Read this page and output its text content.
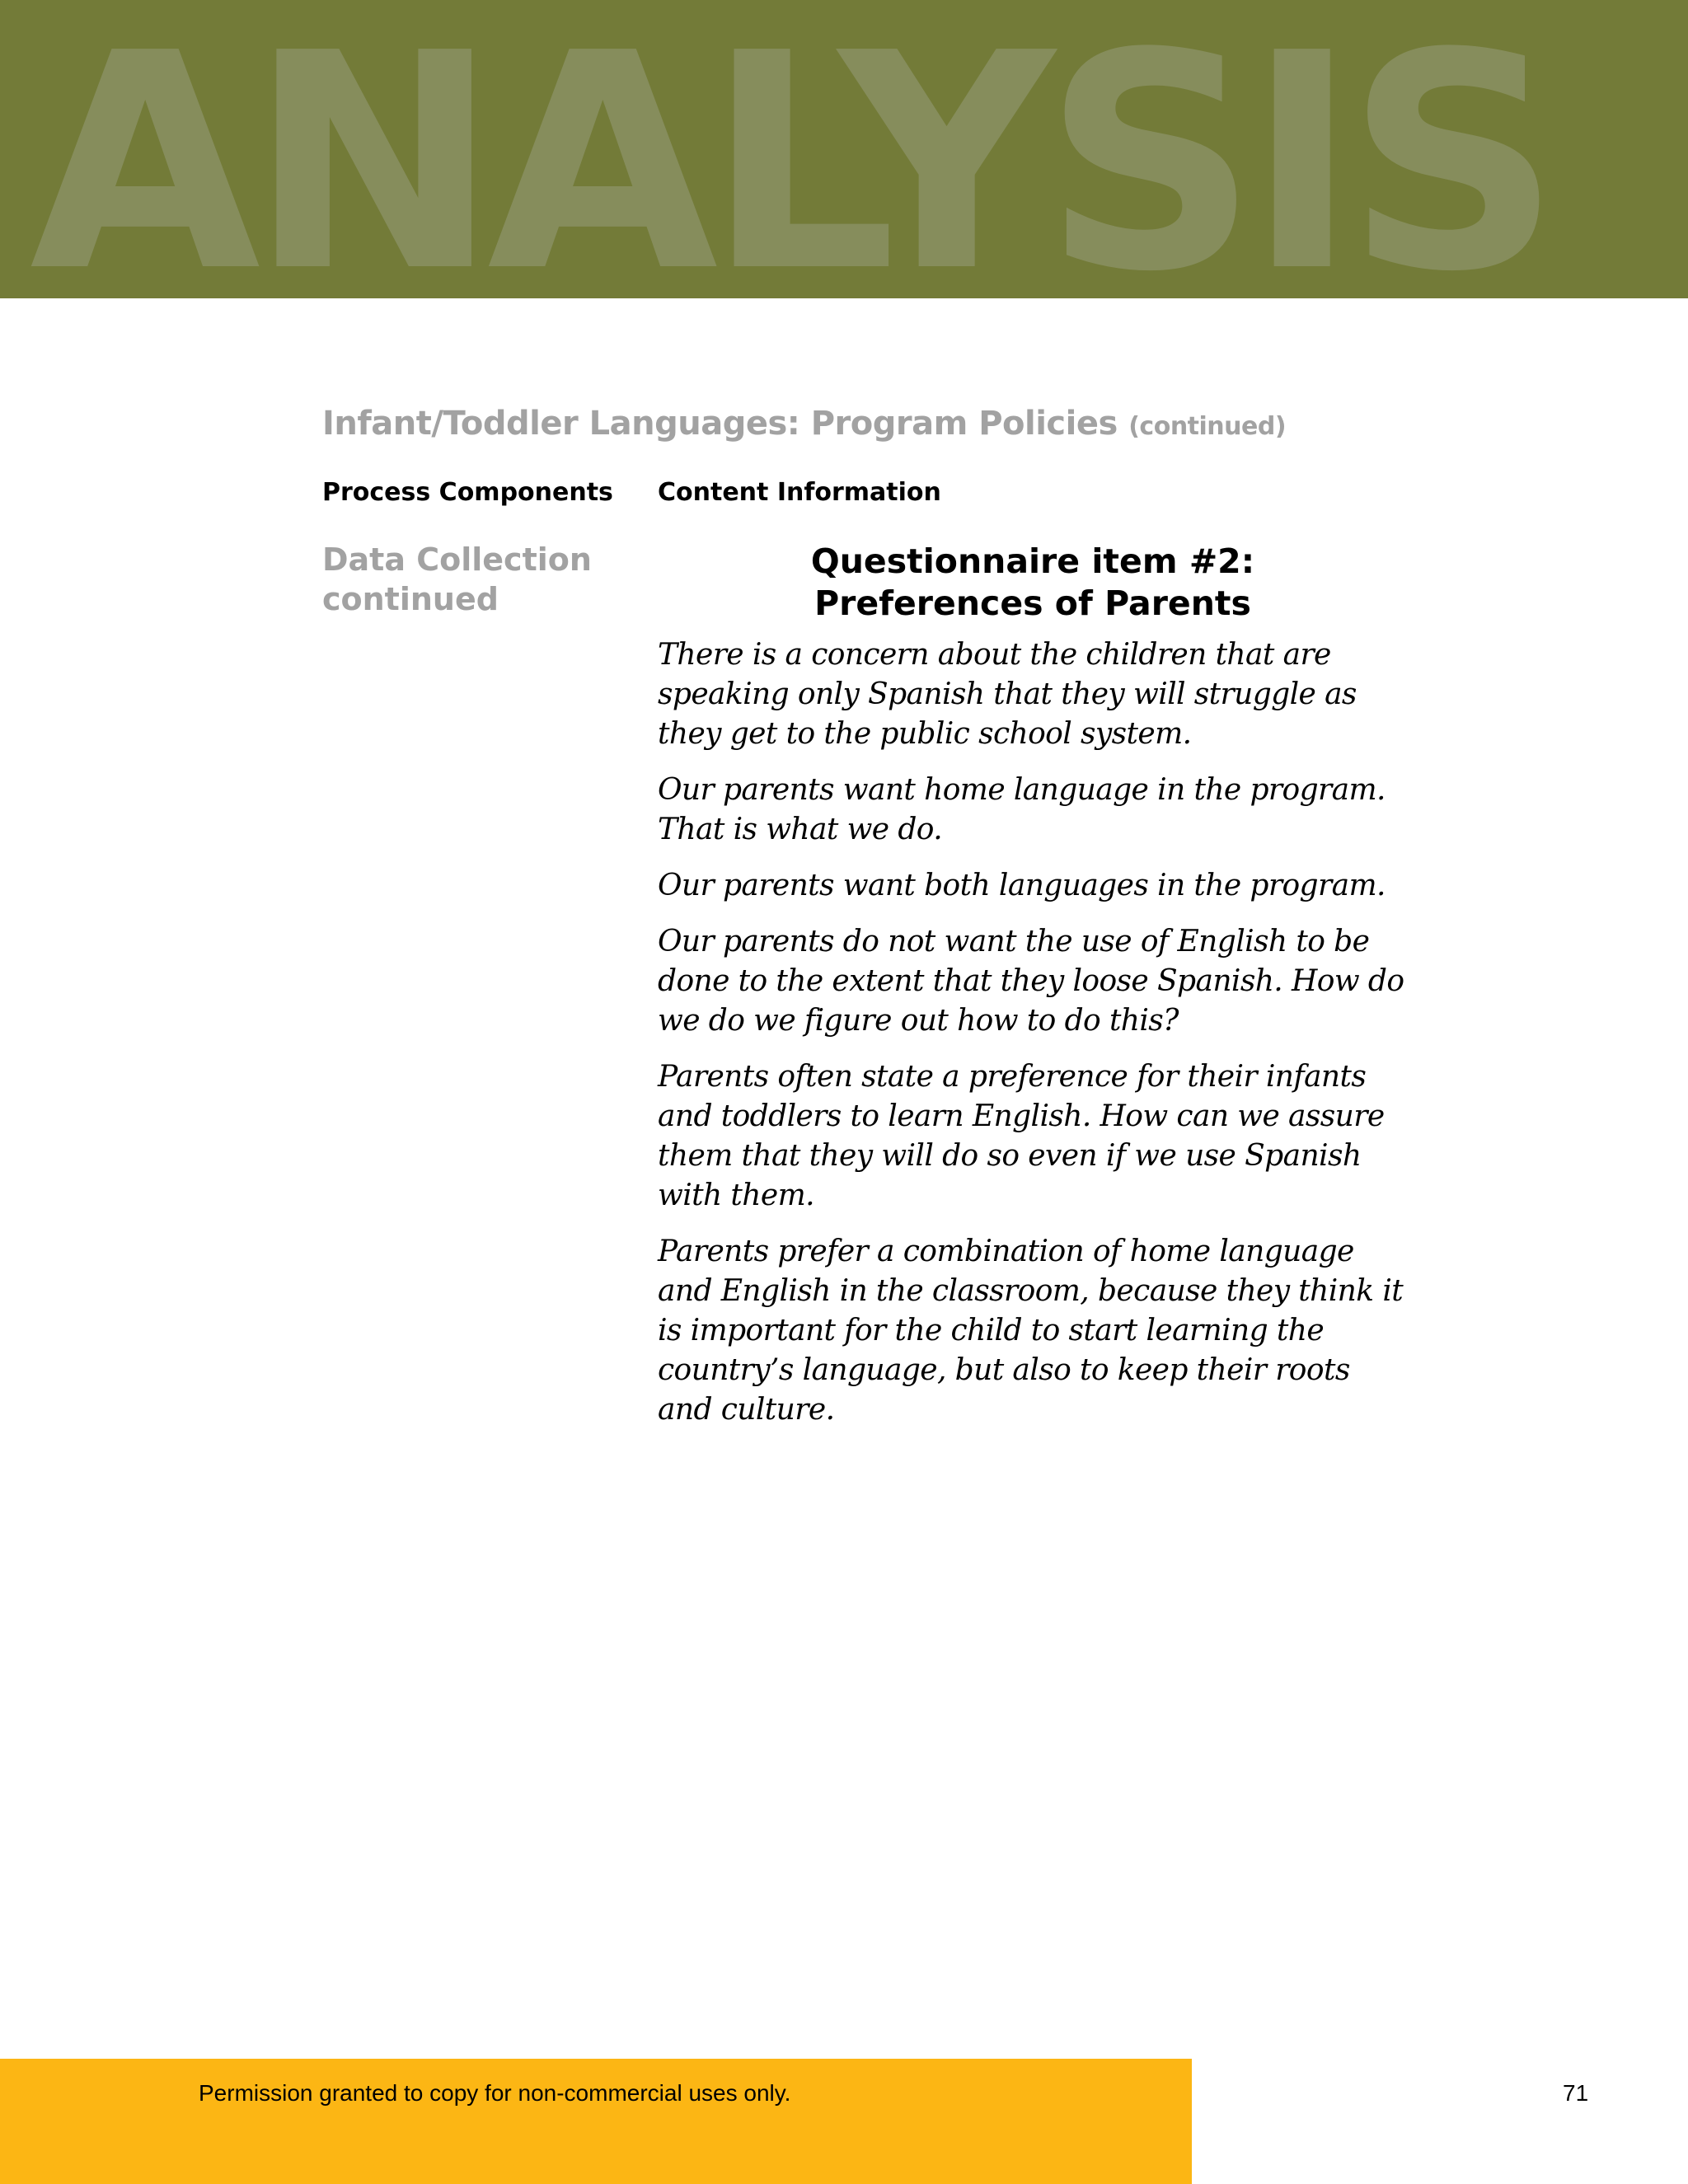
ANALYSIS
Infant/Toddler Languages: Program Policies (continued)
Process Components Content Information
Data Collection
continued
Questionnaire item #2:
Preferences of Parents

There is a concern about the children that are speaking only Spanish that they will struggle as they get to the public school system.

Our parents want home language in the program. That is what we do.

Our parents want both languages in the program.

Our parents do not want the use of English to be done to the extent that they loose Spanish. How do we do we figure out how to do this?

Parents often state a preference for their infants and toddlers to learn English. How can we assure them that they will do so even if we use Spanish with them.

Parents prefer a combination of home language and English in the classroom, because they think it is important for the child to start learning the country’s language, but also to keep their roots and culture.

Permission granted to copy for non-commercial uses only.	71
